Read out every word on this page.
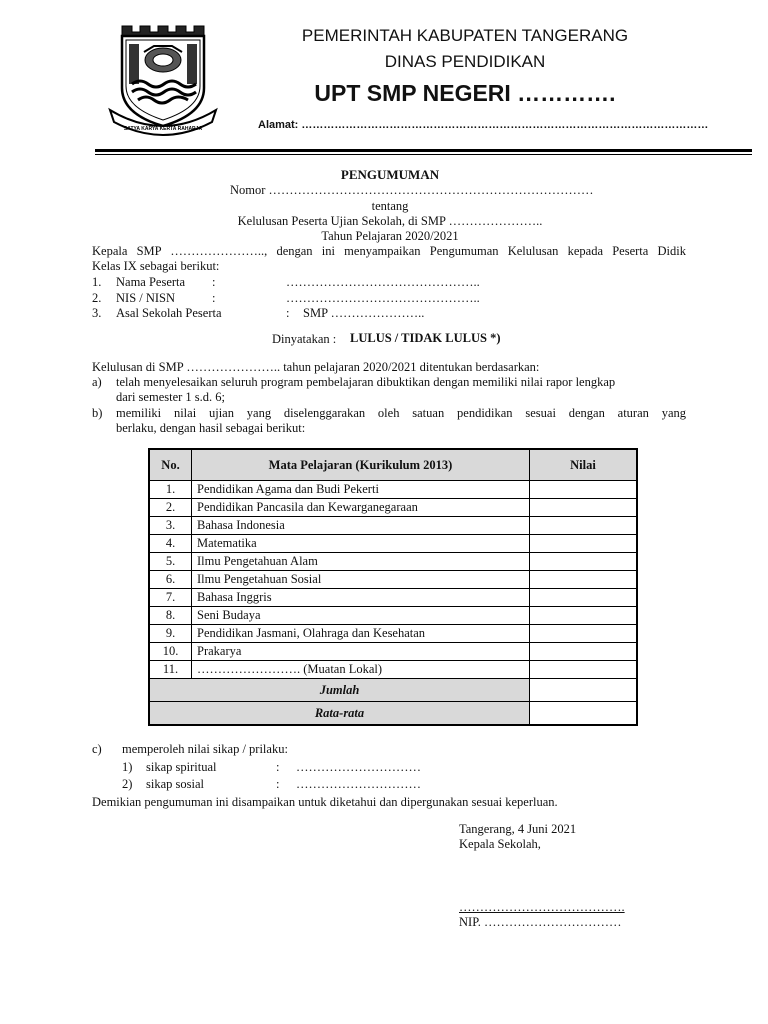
SATYA KARYA KERTA RAHARJA
PEMERINTAH KABUPATEN TANGERANG
DINAS PENDIDIKAN
UPT SMP NEGERI ………….
Alamat: …………………………………………………………………………………………………
PENGUMUMAN
Nomor ……………………………………………………………………
tentang
Kelulusan Peserta Ujian Sekolah, di SMP …………………..
Tahun Pelajaran 2020/2021
Kepala SMP ………………….., dengan ini menyampaikan Pengumuman Kelulusan kepada Peserta Didik
Kelas IX sebagai berikut:
1. Nama Peserta :	………………………………………..
2. NIS / NISN	:	………………………………………..
3. Asal Sekolah Peserta	: SMP …………………..
Dinyatakan : LULUS / TIDAK LULUS *)
Kelulusan di SMP ………………….. tahun pelajaran 2020/2021 ditentukan berdasarkan:
a) telah menyelesaikan seluruh program pembelajaran dibuktikan dengan memiliki nilai rapor lengkap
dari semester 1 s.d. 6;
b) memiliki nilai ujian yang diselenggarakan oleh satuan pendidikan sesuai dengan aturan yang
berlaku, dengan hasil sebagai berikut:
No.	Mata Pelajaran (Kurikulum 2013)	Nilai
1.	Pendidikan Agama dan Budi Pekerti	
2.	Pendidikan Pancasila dan Kewarganegaraan	
3.	Bahasa Indonesia	
4.	Matematika	
5.	Ilmu Pengetahuan Alam	
6.	Ilmu Pengetahuan Sosial	
7.	Bahasa Inggris	
8.	Seni Budaya	
9.	Pendidikan Jasmani, Olahraga dan Kesehatan	
10.	Prakarya	
11.	……………………. (Muatan Lokal)	
Jumlah		
Rata-rata		
c) memperoleh nilai sikap / prilaku:
1) sikap spiritual	: …………………………
2) sikap sosial	: …………………………
Demikian pengumuman ini disampaikan untuk diketahui dan dipergunakan sesuai keperluan.
Tangerang, 4 Juni 2021
Kepala Sekolah,
………………………………….
NIP. ……………………………
